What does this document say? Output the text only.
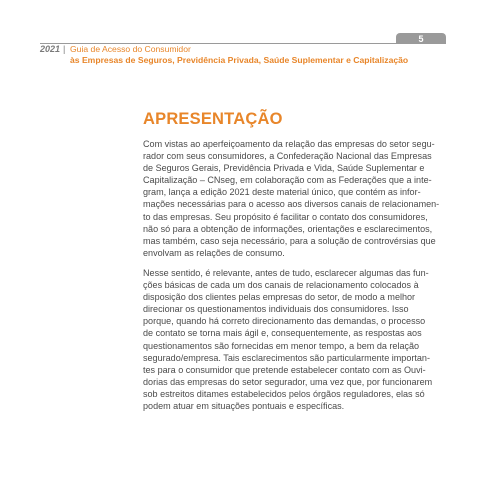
5
2021 | Guia de Acesso do Consumidor
às Empresas de Seguros, Previdência Privada, Saúde Suplementar e Capitalização
APRESENTAÇÃO

Com vistas ao aperfeiçoamento da relação das empresas do setor segu-
rador com seus consumidores, a Confederação Nacional das Empresas
de Seguros Gerais, Previdência Privada e Vida, Saúde Suplementar e
Capitalização – CNseg, em colaboração com as Federações que a inte-
gram, lança a edição 2021 deste material único, que contém as infor-
mações necessárias para o acesso aos diversos canais de relacionamen-
to das empresas. Seu propósito é facilitar o contato dos consumidores,
não só para a obtenção de informações, orientações e esclarecimentos,
mas também, caso seja necessário, para a solução de controvérsias que
envolvam as relações de consumo.

Nesse sentido, é relevante, antes de tudo, esclarecer algumas das fun-
ções básicas de cada um dos canais de relacionamento colocados à
disposição dos clientes pelas empresas do setor, de modo a melhor
direcionar os questionamentos individuais dos consumidores. Isso
porque, quando há correto direcionamento das demandas, o processo
de contato se torna mais ágil e, consequentemente, as respostas aos
questionamentos são fornecidas em menor tempo, a bem da relação
segurado/empresa. Tais esclarecimentos são particularmente importan-
tes para o consumidor que pretende estabelecer contato com as Ouvi-
dorias das empresas do setor segurador, uma vez que, por funcionarem
sob estreitos ditames estabelecidos pelos órgãos reguladores, elas só
podem atuar em situações pontuais e específicas.
